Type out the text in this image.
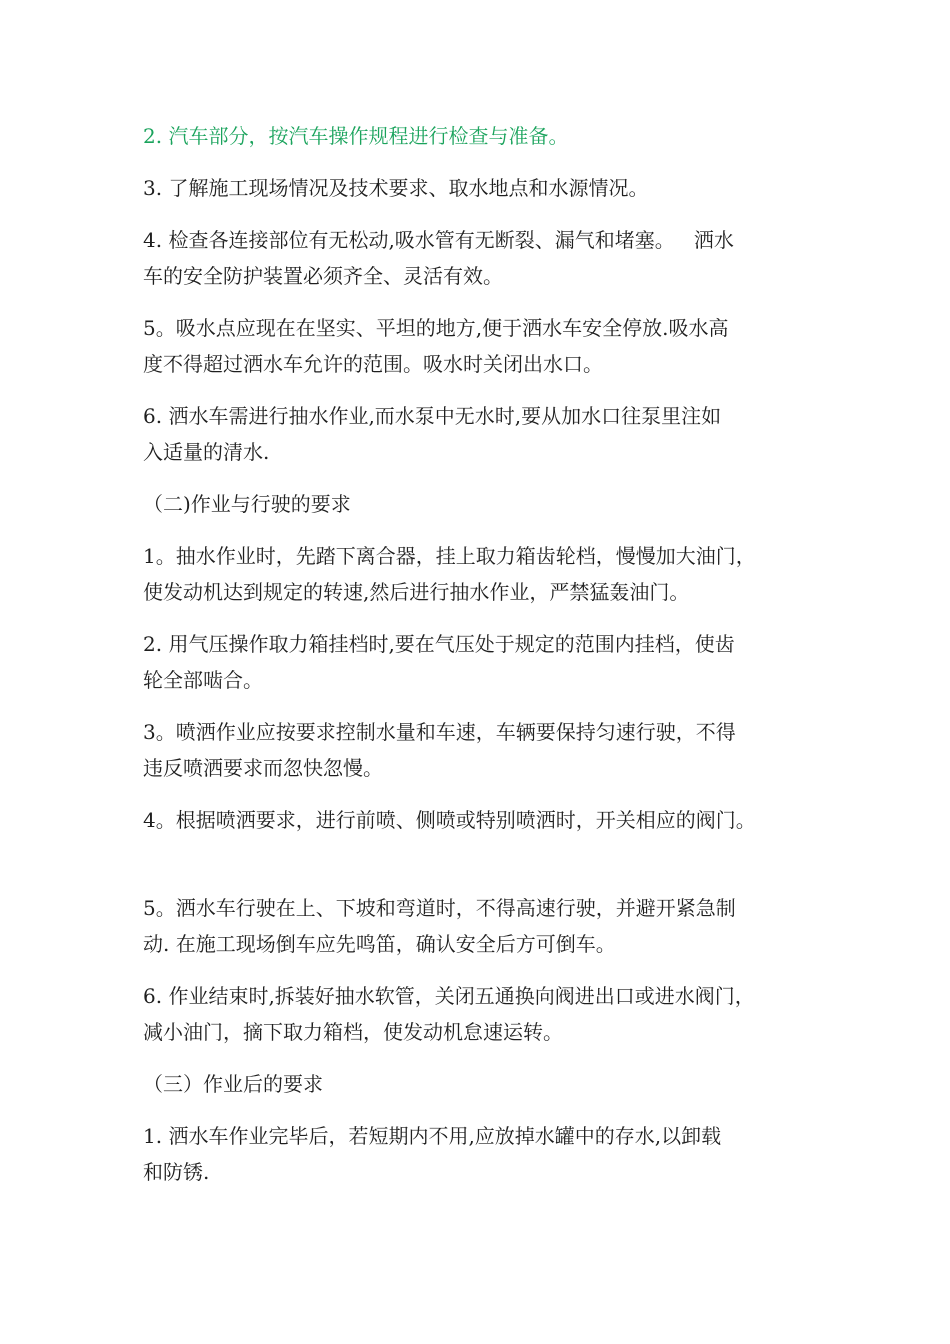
2. 汽车部分，按汽车操作规程进行检查与准备。

3. 了解施工现场情况及技术要求、取水地点和水源情况。

4. 检查各连接部位有无松动,吸水管有无断裂、漏气和堵塞。   洒水
车的安全防护装置必须齐全、灵活有效。

5。吸水点应现在在坚实、平坦的地方,便于洒水车安全停放.吸水高
度不得超过洒水车允许的范围。吸水时关闭出水口。

6. 洒水车需进行抽水作业,而水泵中无水时,要从加水口往泵里注如
入适量的清水.

（二)作业与行驶的要求

1。抽水作业时，先踏下离合器，挂上取力箱齿轮档，慢慢加大油门，
使发动机达到规定的转速,然后进行抽水作业，严禁猛轰油门。

2. 用气压操作取力箱挂档时,要在气压处于规定的范围内挂档，使齿
轮全部啮合。

3。喷洒作业应按要求控制水量和车速，车辆要保持匀速行驶，不得
违反喷洒要求而忽快忽慢。

4。根据喷洒要求，进行前喷、侧喷或特别喷洒时，开关相应的阀门。

5。洒水车行驶在上、下坡和弯道时，不得高速行驶，并避开紧急制
动. 在施工现场倒车应先鸣笛，确认安全后方可倒车。

6. 作业结束时,拆装好抽水软管，关闭五通换向阀进出口或进水阀门，
减小油门，摘下取力箱档，使发动机怠速运转。

（三）作业后的要求

1. 洒水车作业完毕后，若短期内不用,应放掉水罐中的存水,以卸载
和防锈.
